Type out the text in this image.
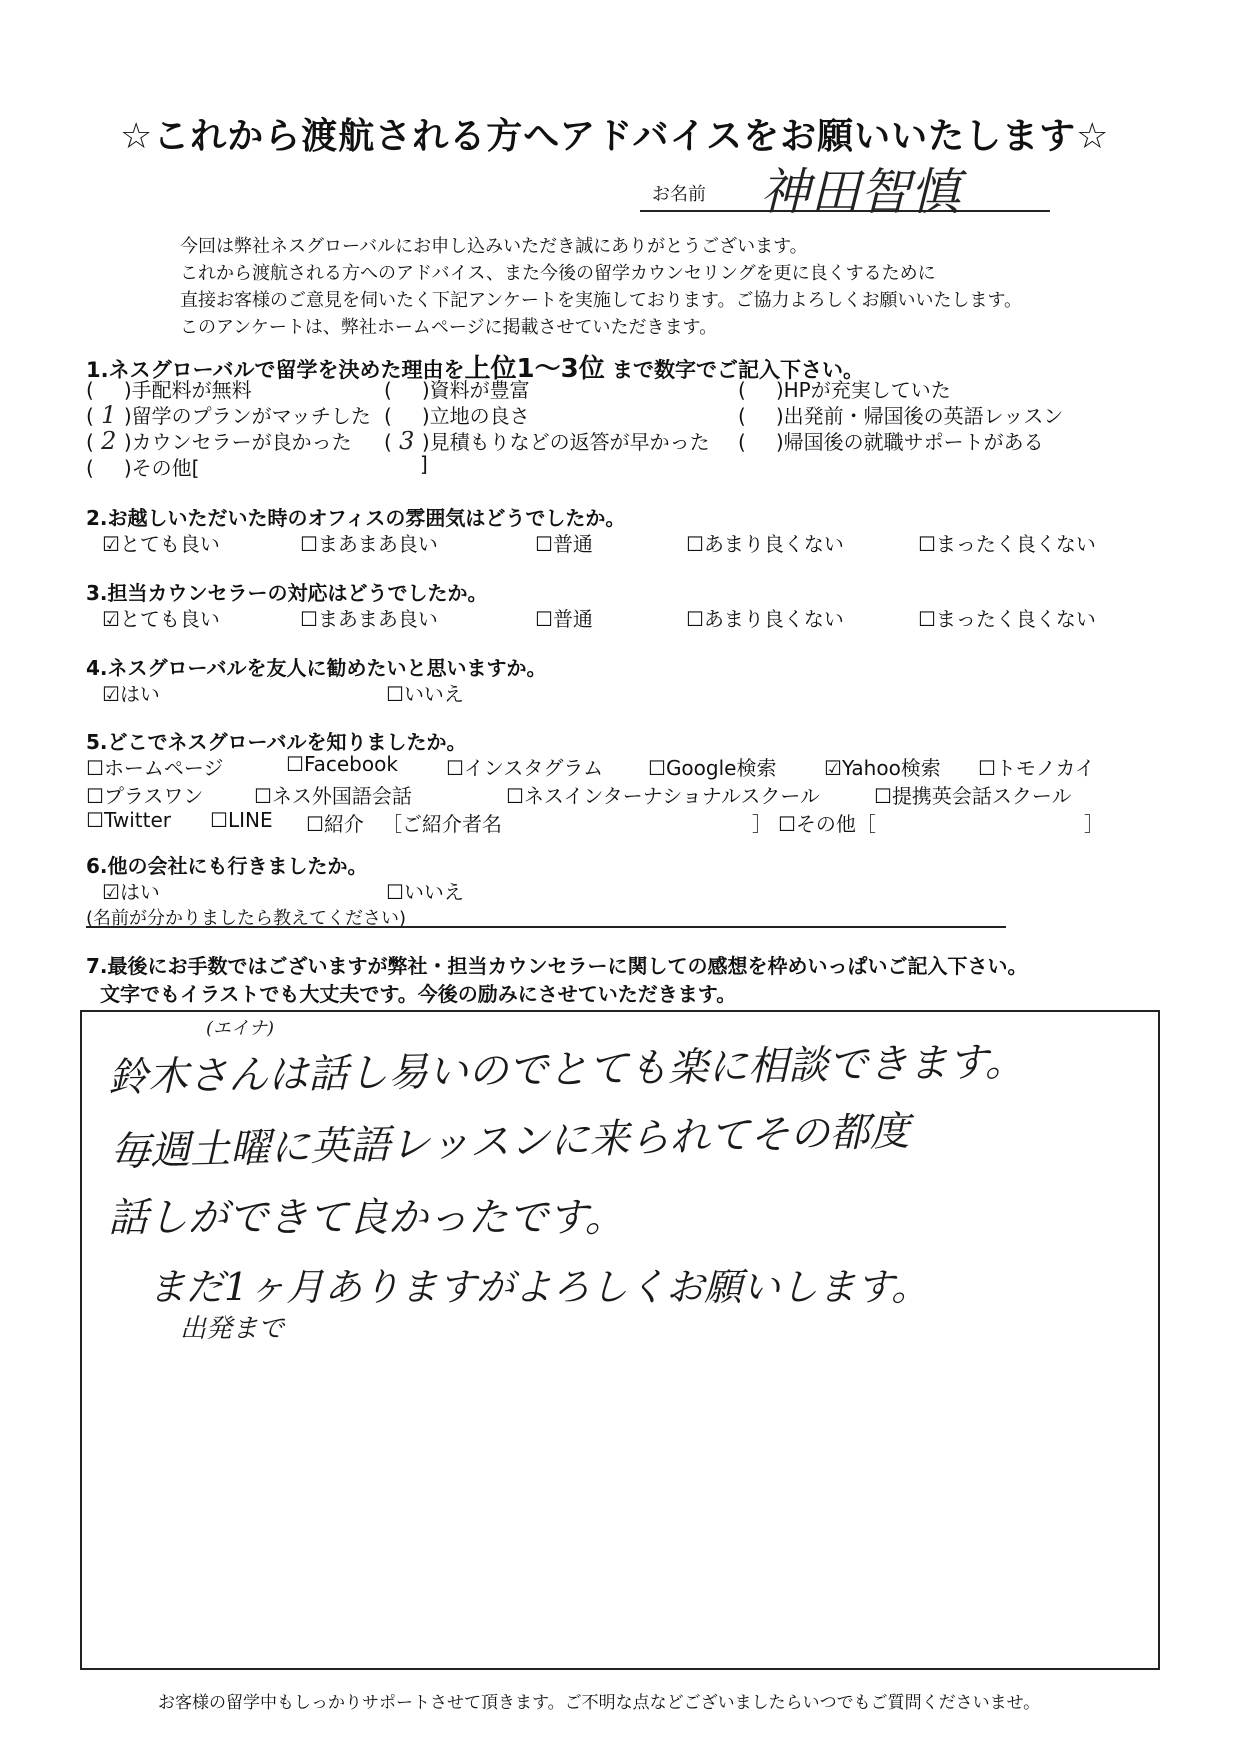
☆これから渡航される方へアドバイスをお願いいたします☆
お名前 神田智慎
今回は弊社ネスグローバルにお申し込みいただき誠にありがとうございます。
これから渡航される方へのアドバイス、また今後の留学カウンセリングを更に良くするために
直接お客様のご意見を伺いたく下記アンケートを実施しております。ご協力よろしくお願いいたします。
このアンケートは、弊社ホームページに掲載させていただきます。
1.ネスグローバルで留学を決めた理由を上位1～3位 まで数字でご記入下さい。
( )手配料が無料	( )資料が豊富	( )HPが充実していた
( 1 )留学のプランがマッチした ( )立地の良さ	( )出発前・帰国後の英語レッスン
( 2 )カウンセラーが良かった ( 3 )見積もりなどの返答が早かった ( )帰国後の就職サポートがある
( )その他[	]
2.お越しいただいた時のオフィスの雰囲気はどうでしたか。
☑とても良い	☐まあまあ良い	☐普通	☐あまり良くない	☐まったく良くない
3.担当カウンセラーの対応はどうでしたか。
☑とても良い	☐まあまあ良い	☐普通	☐あまり良くない	☐まったく良くない
4.ネスグローバルを友人に勧めたいと思いますか。
☑はい	☐いいえ
5.どこでネスグローバルを知りましたか。
☐ホームページ	☐Facebook ☐インスタグラム ☐Google検索 ☑Yahoo検索 ☐トモノカイ
☐プラスワン	☐ネス外国語会話	☐ネスインターナショナルスクール	☐提携英会話スクール
☐Twitter ☐LINE ☐紹介 ［ご紹介者名	］ ☐その他［	］
6.他の会社にも行きましたか。
☑はい	☐いいえ
(名前が分かりましたら教えてください)
7.最後にお手数ではございますが弊社・担当カウンセラーに関しての感想を枠めいっぱいご記入下さい。
文字でもイラストでも大丈夫です。今後の励みにさせていただきます。
(エイナ)
鈴木さんは話し易いのでとても楽に相談できます。
毎週土曜に英語レッスンに来られてその都度
話しができて良かったです。
まだ1ヶ月ありますがよろしくお願いします。
出発まで
お客様の留学中もしっかりサポートさせて頂きます。ご不明な点などございましたらいつでもご質問くださいませ。
